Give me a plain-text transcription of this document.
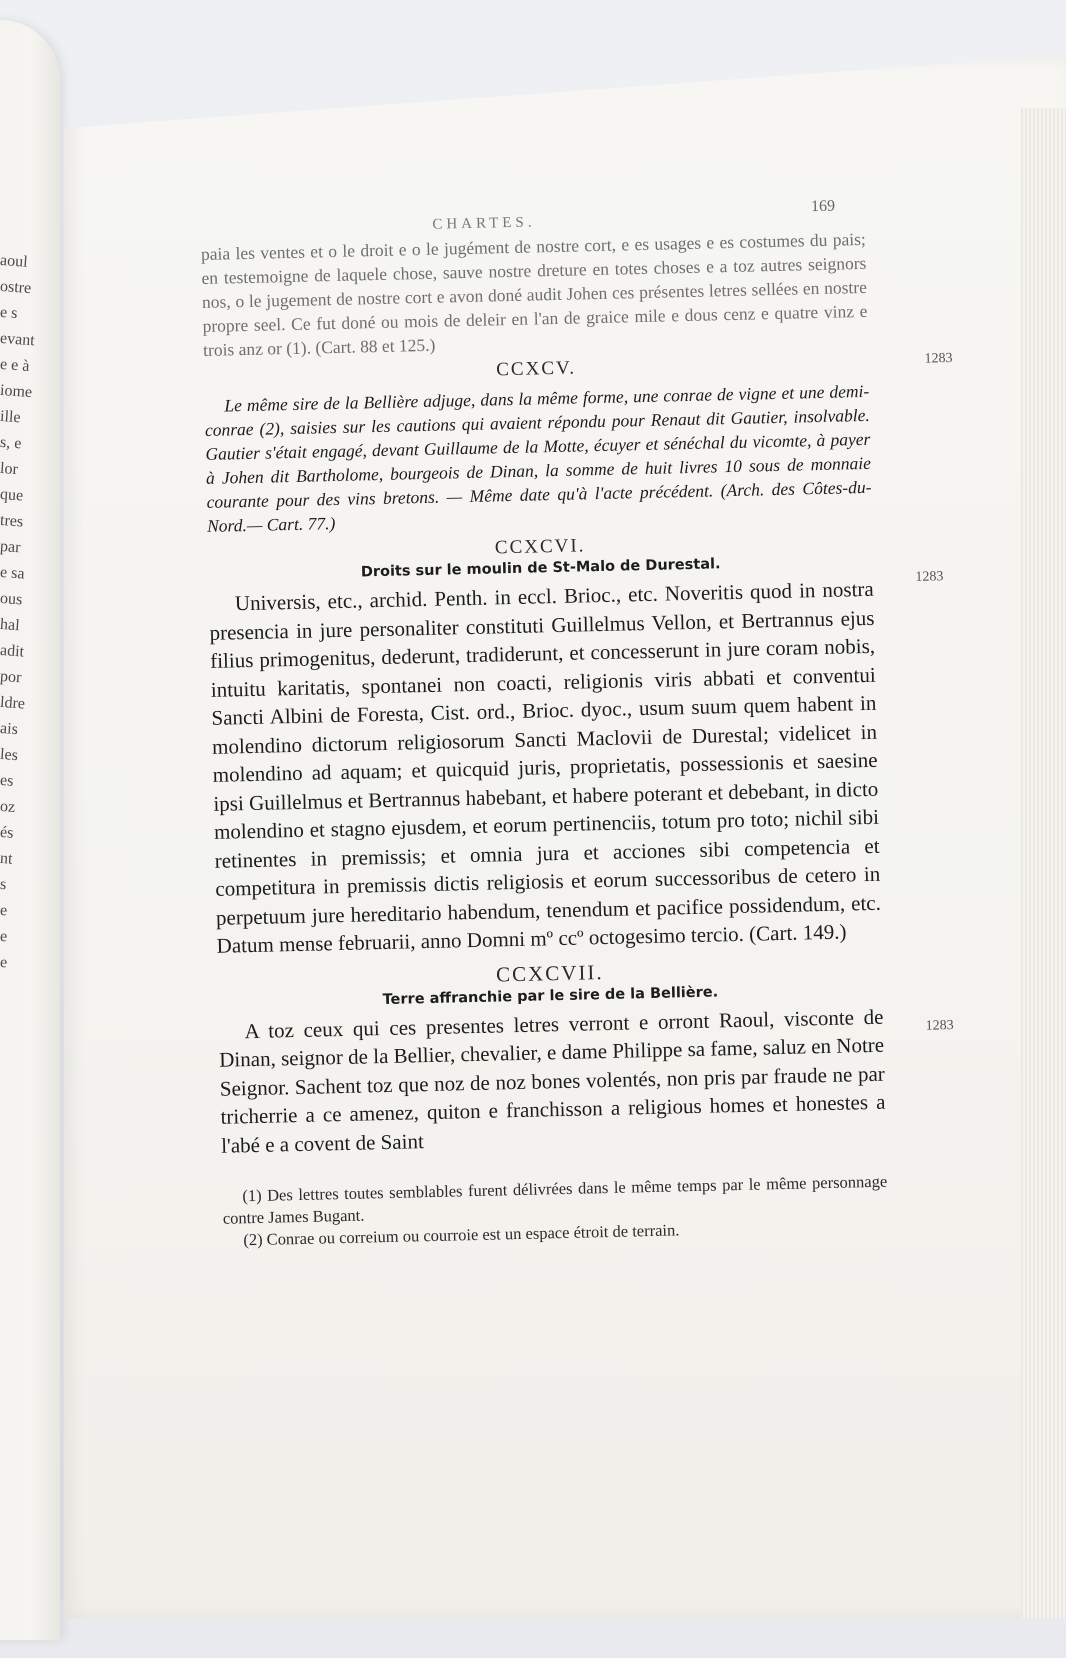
aoul
ostre
e s
evant
e e à
iome
ille
s, e
lor
que
tres
par
e sa
ous
hal
adit
por
ldre
ais
les
es
oz
és
nt
s
e
e
e
CHARTES.
169

paia les ventes et o le droit e o le jugément de nostre cort, e es usages e es costumes du pais; en testemoigne de laquele chose, sauve nostre dreture en totes choses e a toz autres seignors nos, o le jugement de nostre cort e avon doné audit Johen ces présentes letres sellées en nostre propre seel. Ce fut doné ou mois de deleir en l'an de graice mile e dous cenz e quatre vinz e trois anz or (1). (Cart. 88 et 125.)

CCXCV.	1283

Le même sire de la Bellière adjuge, dans la même forme, une conrae de vigne et une demi-conrae (2), saisies sur les cautions qui avaient répondu pour Renaut dit Gautier, insolvable. Gautier s'était engagé, devant Guillaume de la Motte, écuyer et sénéchal du vicomte, à payer à Johen dit Bartholome, bourgeois de Dinan, la somme de huit livres 10 sous de monnaie courante pour des vins bretons. — Même date qu'à l'acte précédent. (Arch. des Côtes-du-Nord.— Cart. 77.)

CCXCVI.
Droits sur le moulin de St-Malo de Durestal.	1283

Universis, etc., archid. Penth. in eccl. Brioc., etc. Noveritis quod in nostra presencia in jure personaliter constituti Guillelmus Vellon, et Bertrannus ejus filius primogenitus, dederunt, tradiderunt, et concesserunt in jure coram nobis, intuitu karitatis, spontanei non coacti, religionis viris abbati et conventui Sancti Albini de Foresta, Cist. ord., Brioc. dyoc., usum suum quem habent in molendino dictorum religiosorum Sancti Maclovii de Durestal; videlicet in molendino ad aquam; et quicquid juris, proprietatis, possessionis et saesine ipsi Guillelmus et Bertrannus habebant, et habere poterant et debebant, in dicto molendino et stagno ejusdem, et eorum pertinenciis, totum pro toto; nichil sibi retinentes in premissis; et omnia jura et acciones sibi competencia et competitura in premissis dictis religiosis et eorum successoribus de cetero in perpetuum jure hereditario habendum, tenendum et pacifice possidendum, etc. Datum mense februarii, anno Domni mº ccº octogesimo tercio. (Cart. 149.)

CCXCVII.
Terre affranchie par le sire de la Bellière.
1283

A toz ceux qui ces presentes letres verront e orront Raoul, visconte de Dinan, seignor de la Bellier, chevalier, e dame Philippe sa fame, saluz en Notre Seignor. Sachent toz que noz de noz bones volentés, non pris par fraude ne par tricherrie a ce amenez, quiton e franchisson a religious homes et honestes a l'abé e a covent de Saint

(1) Des lettres toutes semblables furent délivrées dans le même temps par le même personnage contre James Bugant.

(2) Conrae ou correium ou courroie est un espace étroit de terrain.
